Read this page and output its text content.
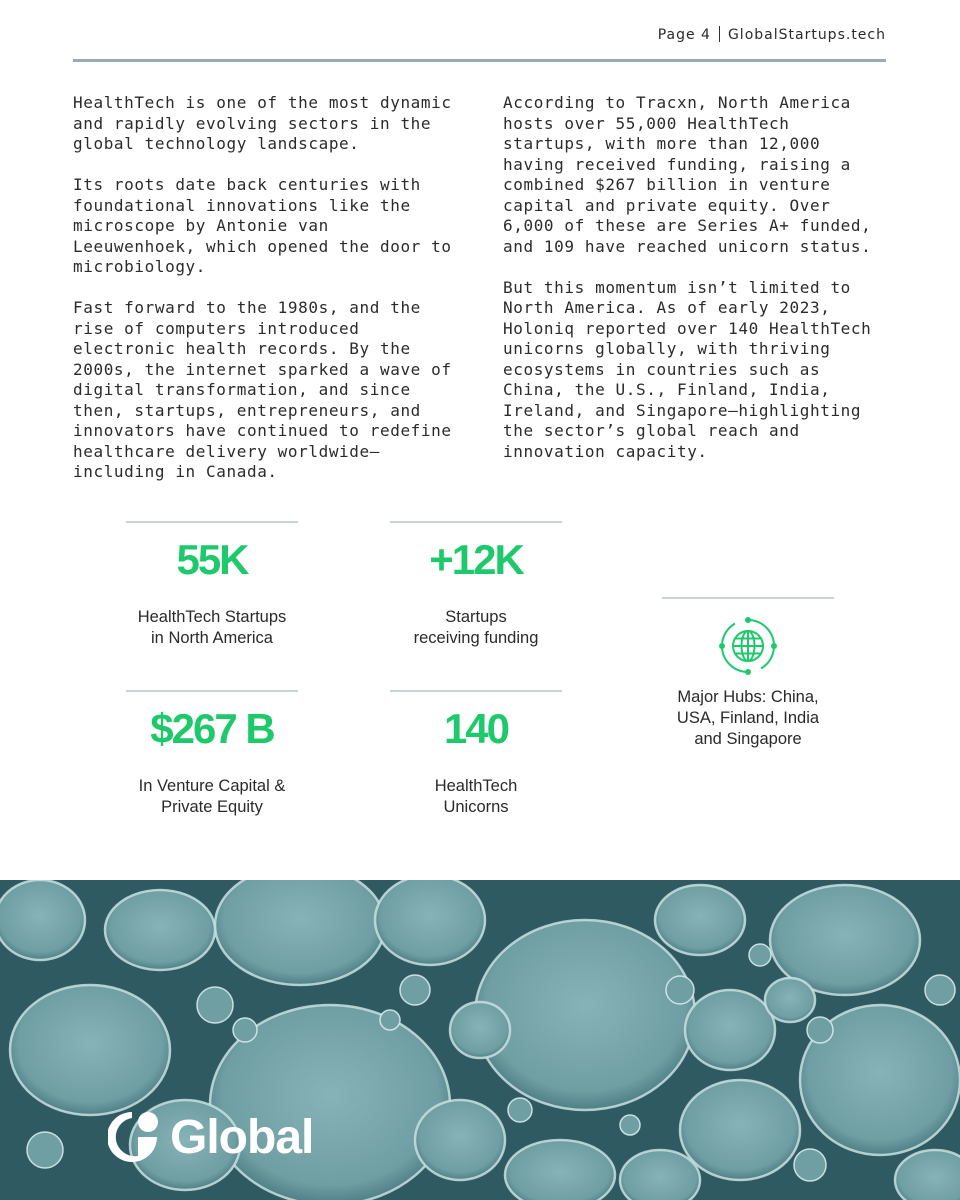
Page 4 GlobalStartups.tech

HealthTech is one of the most dynamic and rapidly evolving sectors in the global technology landscape.

Its roots date back centuries with foundational innovations like the microscope by Antonie van Leeuwenhoek, which opened the door to microbiology.

Fast forward to the 1980s, and the rise of computers introduced electronic health records. By the 2000s, the internet sparked a wave of digital transformation, and since then, startups, entrepreneurs, and innovators have continued to redefine healthcare delivery worldwide—including in Canada.

According to Tracxn, North America hosts over 55,000 HealthTech startups, with more than 12,000 having received funding, raising a combined $267 billion in venture capital and private equity. Over 6,000 of these are Series A+ funded, and 109 have reached unicorn status.

But this momentum isn’t limited to North America. As of early 2023, Holoniq reported over 140 HealthTech unicorns globally, with thriving ecosystems in countries such as China, the U.S., Finland, India, Ireland, and Singapore—highlighting the sector’s global reach and innovation capacity.

55K
HealthTech Startups
in North America
+12K
Startups
receiving funding
$267 B
In Venture Capital &
Private Equity
140
HealthTech
Unicorns
Major Hubs: China,
USA, Finland, India
and Singapore
Global
